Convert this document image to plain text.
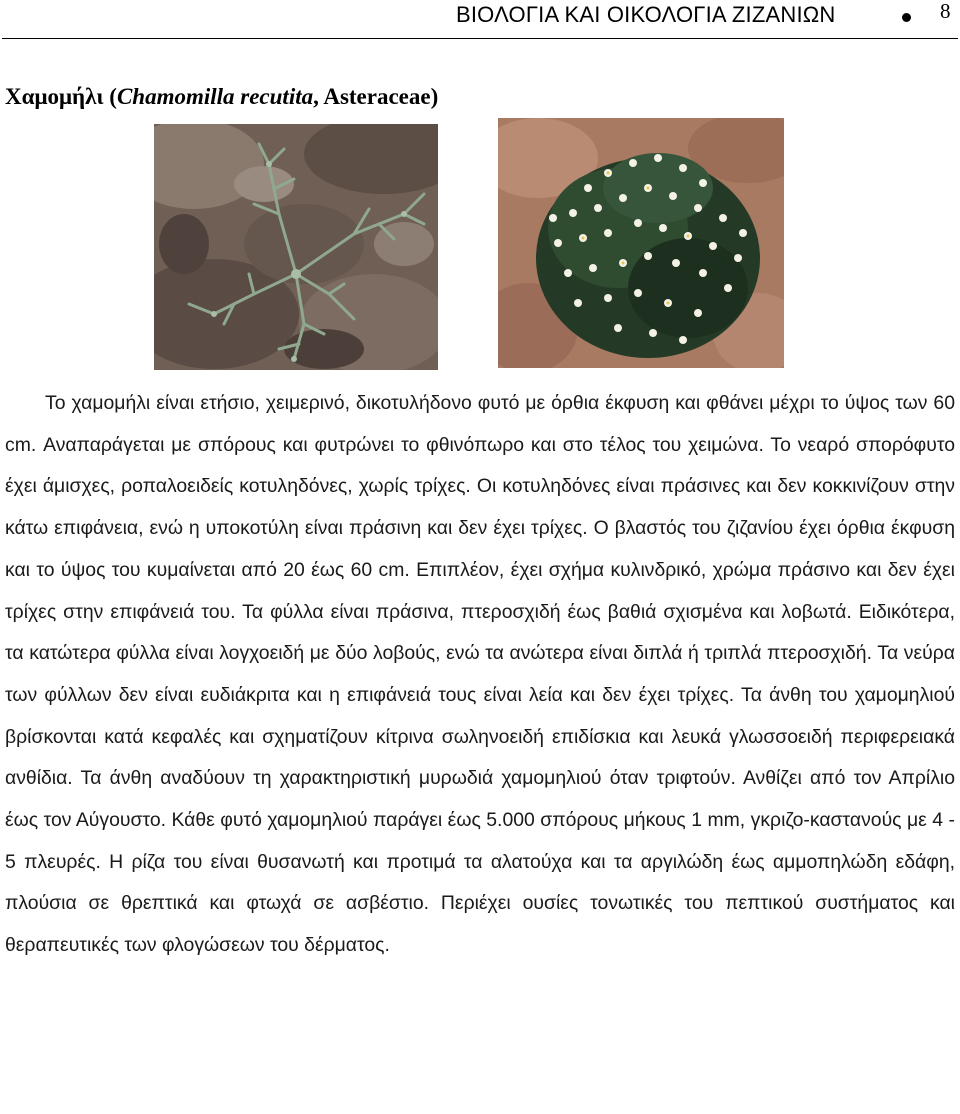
ΒΙΟΛΟΓΙΑ ΚΑΙ ΟΙΚΟΛΟΓΙΑ ΖΙΖΑΝΙΩΝ	8
Χαμομήλι (Chamomilla recutita, Asteraceae)

Το χαμομήλι είναι ετήσιο, χειμερινό, δικοτυλήδονο φυτό με όρθια έκφυση και φθάνει μέχρι το ύψος των 60 cm. Αναπαράγεται με σπόρους και φυτρώνει το φθινόπωρο και στο τέλος του χειμώνα. Το νεαρό σπορόφυτο έχει άμισχες, ροπαλοειδείς κοτυληδόνες, χωρίς τρίχες. Οι κοτυληδόνες είναι πράσινες και δεν κοκκινίζουν στην κάτω επιφάνεια, ενώ η υποκοτύλη είναι πράσινη και δεν έχει τρίχες. Ο βλαστός του ζιζανίου έχει όρθια έκφυση και το ύψος του κυμαίνεται από 20 έως 60 cm. Επιπλέον, έχει σχήμα κυλινδρικό, χρώμα πράσινο και δεν έχει τρίχες στην επιφάνειά του. Τα φύλλα είναι πράσινα, πτεροσχιδή έως βαθιά σχισμένα και λοβωτά. Ειδικότερα, τα κατώτερα φύλλα είναι λογχοειδή με δύο λοβούς, ενώ τα ανώτερα είναι διπλά ή τριπλά πτεροσχιδή. Τα νεύρα των φύλλων δεν είναι ευδιάκριτα και η επιφάνειά τους είναι λεία και δεν έχει τρίχες. Τα άνθη του χαμομηλιού βρίσκονται κατά κεφαλές και σχηματίζουν κίτρινα σωληνοειδή επιδίσκια και λευκά γλωσσοειδή περιφερειακά ανθίδια. Τα άνθη αναδύουν τη χαρακτηριστική μυρωδιά χαμομηλιού όταν τριφτούν. Ανθίζει από τον Απρίλιο έως τον Αύγουστο. Κάθε φυτό χαμομηλιού παράγει έως 5.000 σπόρους μήκους 1 mm, γκριζο-καστανούς με 4 - 5 πλευρές. Η ρίζα του είναι θυσανωτή και προτιμά τα αλατούχα και τα αργιλώδη έως αμμοπηλώδη εδάφη, πλούσια σε θρεπτικά και φτωχά σε ασβέστιο. Περιέχει ουσίες τονωτικές του πεπτικού συστήματος και θεραπευτικές των φλογώσεων του δέρματος.
